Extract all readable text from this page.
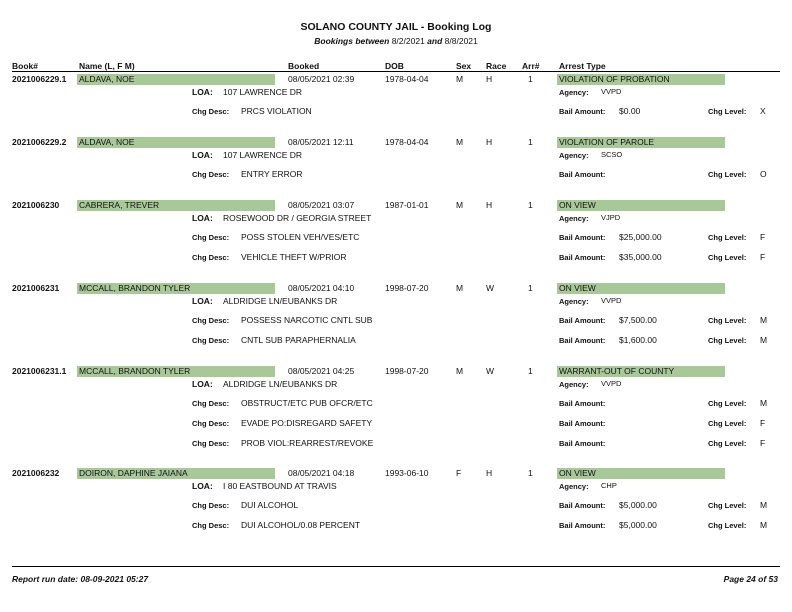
SOLANO COUNTY JAIL - Booking Log
Bookings between 8/2/2021 and 8/8/2021
Book#	Name (L, F M)	Booked	DOB	Sex Race Arr# Arrest Type
2021006229.1 ALDAVA, NOE	08/05/2021 02:39	1978-04-04	M	H	1	VIOLATION OF PROBATION
LOA: 107 LAWRENCE DR	Agency: VVPD
Chg Desc: PRCS VIOLATION	Bail Amount: $0.00	Chg Level: X
2021006229.2 ALDAVA, NOE	08/05/2021 12:11	1978-04-04	M	H	1	VIOLATION OF PAROLE
LOA: 107 LAWRENCE DR	Agency: SCSO
Chg Desc: ENTRY ERROR	Bail Amount:	Chg Level: O
2021006230 CABRERA, TREVER	08/05/2021 03:07	1987-01-01	M	H	1	ON VIEW
LOA: ROSEWOOD DR / GEORGIA STREET	Agency: VJPD
Chg Desc: POSS STOLEN VEH/VES/ETC	Bail Amount: $25,000.00	Chg Level: F
Chg Desc: VEHICLE THEFT W/PRIOR	Bail Amount: $35,000.00	Chg Level: F
2021006231 MCCALL, BRANDON TYLER	08/05/2021 04:10	1998-07-20	M	W	1	ON VIEW
LOA: ALDRIDGE LN/EUBANKS DR	Agency: VVPD
Chg Desc: POSSESS NARCOTIC CNTL SUB	Bail Amount: $7,500.00	Chg Level: M
Chg Desc: CNTL SUB PARAPHERNALIA	Bail Amount: $1,600.00	Chg Level: M
2021006231.1 MCCALL, BRANDON TYLER	08/05/2021 04:25	1998-07-20	M	W	1	WARRANT-OUT OF COUNTY
LOA: ALDRIDGE LN/EUBANKS DR	Agency: VVPD
Chg Desc: OBSTRUCT/ETC PUB OFCR/ETC	Bail Amount:	Chg Level: M
Chg Desc: EVADE PO:DISREGARD SAFETY	Bail Amount:	Chg Level: F
Chg Desc: PROB VIOL:REARREST/REVOKE	Bail Amount:	Chg Level: F
2021006232 DOIRON, DAPHINE JAIANA	08/05/2021 04:18	1993-06-10	F	H	1	ON VIEW
LOA: I 80 EASTBOUND AT TRAVIS	Agency: CHP
Chg Desc: DUI ALCOHOL	Bail Amount: $5,000.00	Chg Level: M
Chg Desc: DUI ALCOHOL/0.08 PERCENT	Bail Amount: $5,000.00	Chg Level: M
Report run date: 08-09-2021 05:27	Page 24 of 53
